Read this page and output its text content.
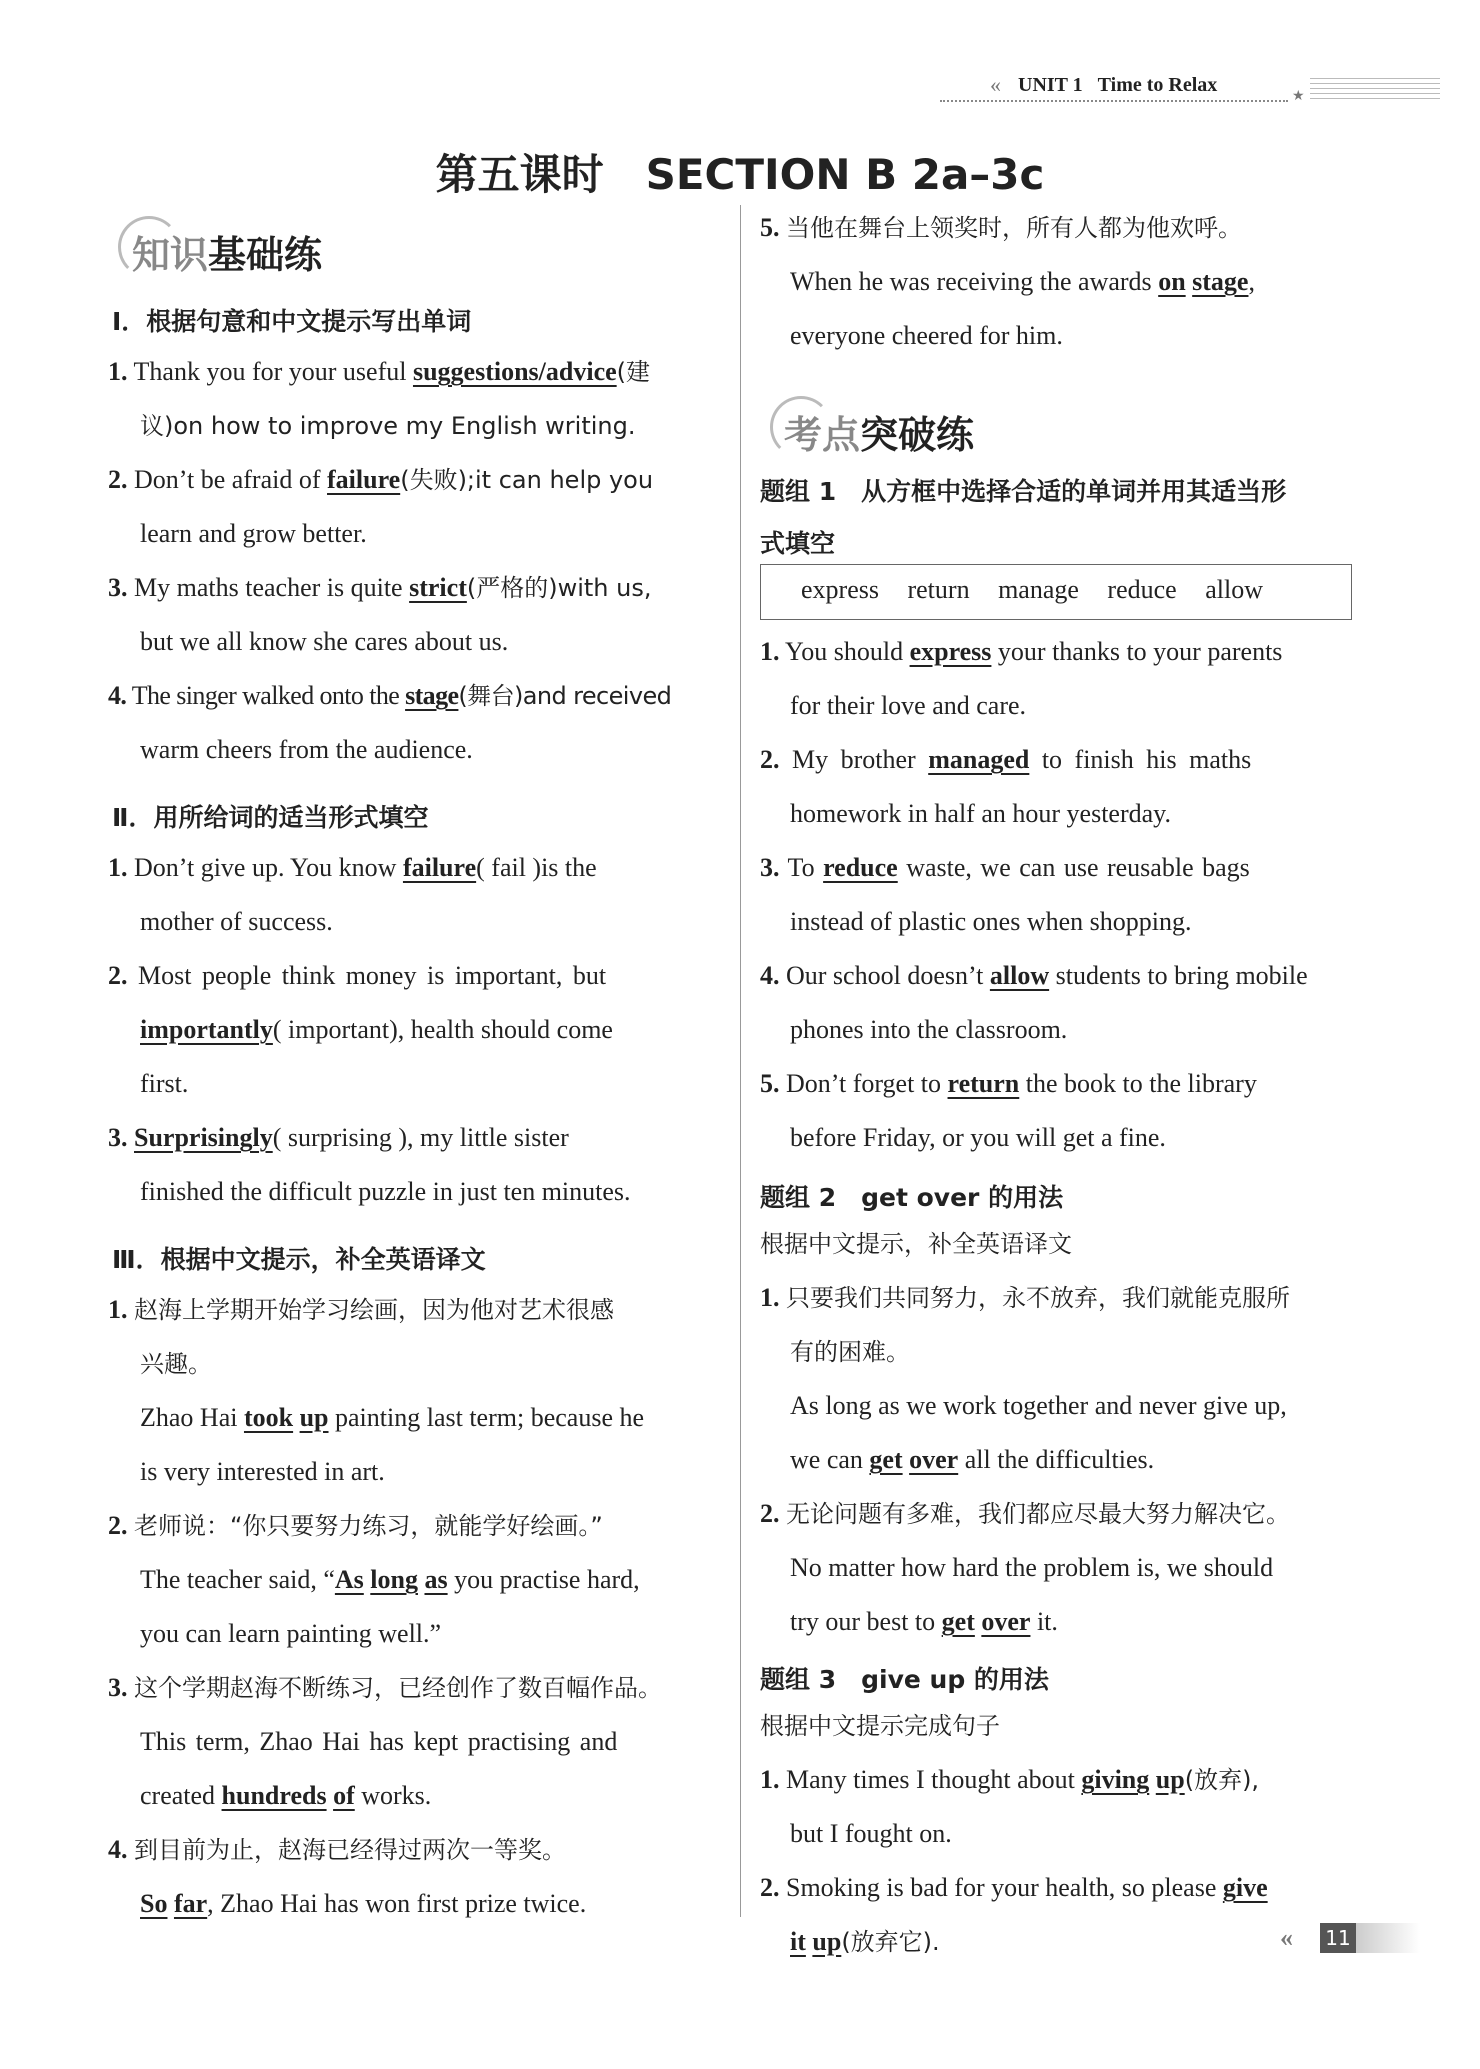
« UNIT 1 Time to Relax
★
第五课时　SECTION B 2a–3c
知识基础练
Ⅰ．根据句意和中文提示写出单词
1. Thank you for your useful suggestions/advice(建
议)on how to improve my English writing.
2. Don’t be afraid of failure(失败);it can help you
learn and grow better.
3. My maths teacher is quite strict(严格的)with us,
but we all know she cares about us.
4. The singer walked onto the stage(舞台)and received
warm cheers from the audience.
Ⅱ．用所给词的适当形式填空
1. Don’t give up. You know failure( fail )is the
mother of success.
2. Most people think money is important, but
importantly( important), health should come
first.
3. Surprisingly( surprising ), my little sister
finished the difficult puzzle in just ten minutes.
Ⅲ．根据中文提示，补全英语译文
1. 赵海上学期开始学习绘画，因为他对艺术很感
兴趣。
Zhao Hai took up painting last term; because he
is very interested in art.
2. 老师说：“你只要努力练习，就能学好绘画。”
The teacher said, “As long as you practise hard,
you can learn painting well.”
3. 这个学期赵海不断练习，已经创作了数百幅作品。
This term, Zhao Hai has kept practising and
created hundreds of works.
4. 到目前为止，赵海已经得过两次一等奖。
So far, Zhao Hai has won first prize twice.
5. 当他在舞台上领奖时，所有人都为他欢呼。
When he was receiving the awards on stage,
everyone cheered for him.
考点突破练
题组 1　从方框中选择合适的单词并用其适当形
式填空
express return manage reduce allow
1. You should express your thanks to your parents
for their love and care.
2. My brother managed to finish his maths
homework in half an hour yesterday.
3. To reduce waste, we can use reusable bags
instead of plastic ones when shopping.
4. Our school doesn’t allow students to bring mobile
phones into the classroom.
5. Don’t forget to return the book to the library
before Friday, or you will get a fine.
题组 2　get over 的用法
根据中文提示，补全英语译文
1. 只要我们共同努力，永不放弃，我们就能克服所
有的困难。
As long as we work together and never give up,
we can get over all the difficulties.
2. 无论问题有多难，我们都应尽最大努力解决它。
No matter how hard the problem is, we should
try our best to get over it.
题组 3　give up 的用法
根据中文提示完成句子
1. Many times I thought about giving up(放弃),
but I fought on.
2. Smoking is bad for your health, so please give
it up(放弃它).	« 11
